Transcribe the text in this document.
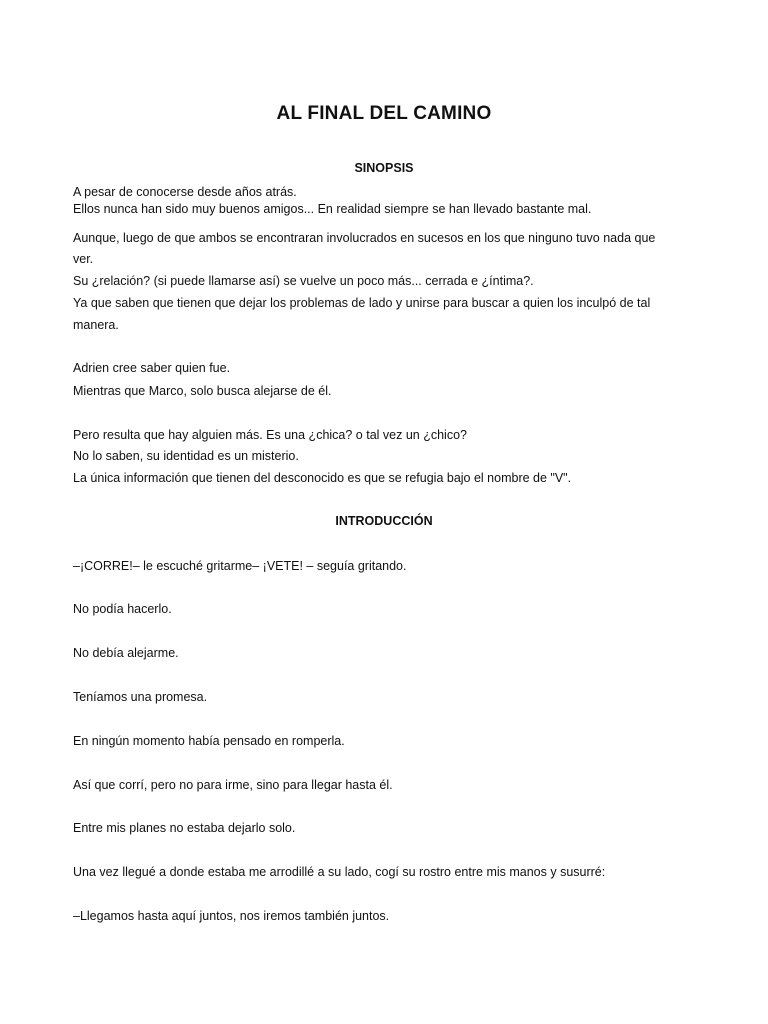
AL FINAL DEL CAMINO
SINOPSIS
A pesar de conocerse desde años atrás.
Ellos nunca han sido muy buenos amigos... En realidad siempre se han llevado bastante mal.
Aunque, luego de que ambos se encontraran involucrados en sucesos en los que ninguno tuvo nada que
ver.
Su ¿relación? (si puede llamarse así) se vuelve un poco más... cerrada e ¿íntima?.
Ya que saben que tienen que dejar los problemas de lado y unirse para buscar a quien los inculpó de tal
manera.
Adrien cree saber quien fue.
Mientras que Marco, solo busca alejarse de él.
Pero resulta que hay alguien más. Es una ¿chica? o tal vez un ¿chico?
No lo saben, su identidad es un misterio.
La única información que tienen del desconocido es que se refugia bajo el nombre de "V".
INTRODUCCIÓN
–¡CORRE!– le escuché gritarme– ¡VETE! – seguía gritando.
No podía hacerlo.
No debía alejarme.
Teníamos una promesa.
En ningún momento había pensado en romperla.
Así que corrí, pero no para irme, sino para llegar hasta él.
Entre mis planes no estaba dejarlo solo.
Una vez llegué a donde estaba me arrodillé a su lado, cogí su rostro entre mis manos y susurré:
–Llegamos hasta aquí juntos, nos iremos también juntos.
